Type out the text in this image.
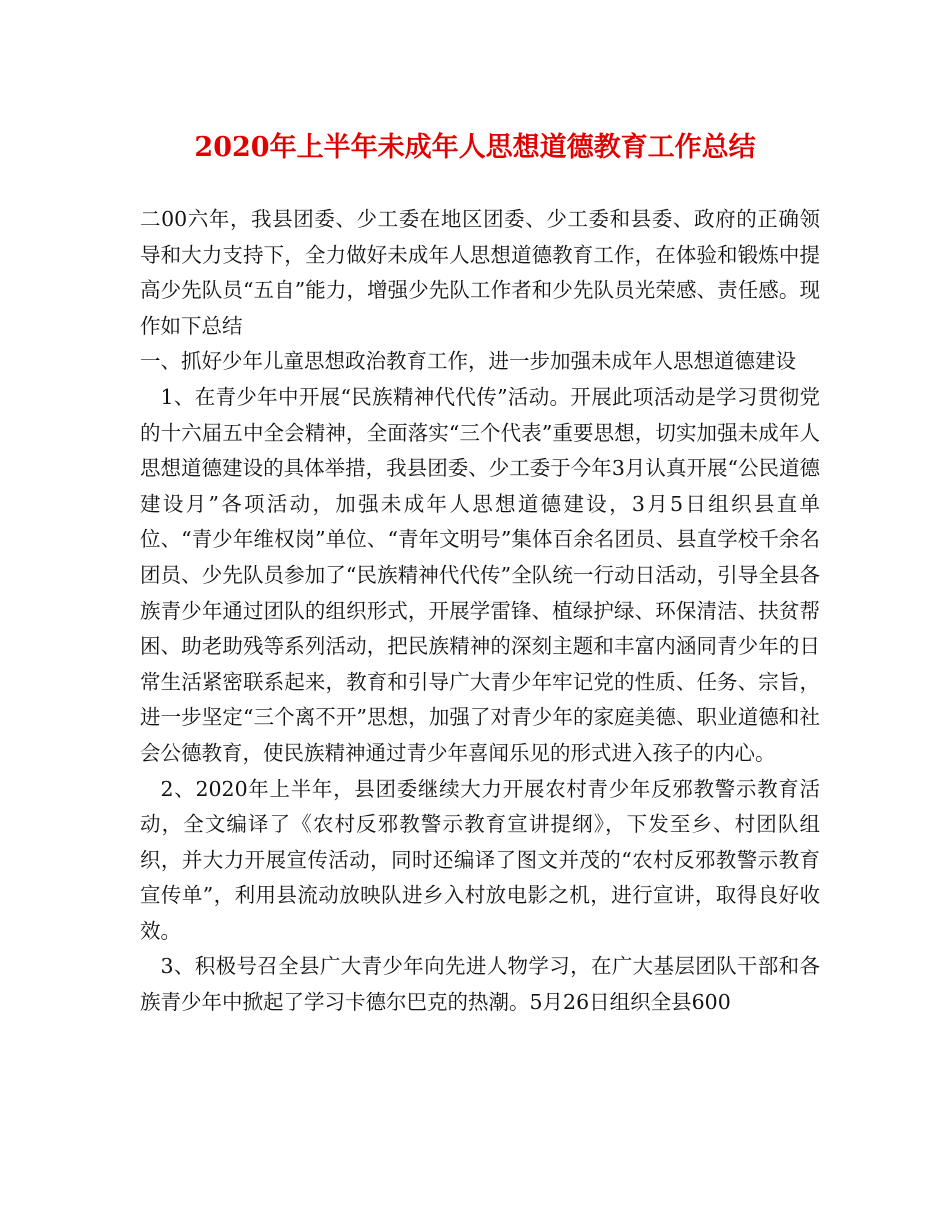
2020年上半年未成年人思想道德教育工作总结

二00六年，我县团委、少工委在地区团委、少工委和县委、政府的正确领导和大力支持下，全力做好未成年人思想道德教育工作，在体验和锻炼中提高少先队员“五自”能力，增强少先队工作者和少先队员光荣感、责任感。现作如下总结

一、抓好少年儿童思想政治教育工作，进一步加强未成年人思想道德建设

1、在青少年中开展“民族精神代代传”活动。开展此项活动是学习贯彻党的十六届五中全会精神，全面落实“三个代表”重要思想，切实加强未成年人思想道德建设的具体举措，我县团委、少工委于今年3月认真开展“公民道德建设月”各项活动，加强未成年人思想道德建设，3月5日组织县直单位、“青少年维权岗”单位、“青年文明号”集体百余名团员、县直学校千余名团员、少先队员参加了“民族精神代代传”全队统一行动日活动，引导全县各族青少年通过团队的组织形式，开展学雷锋、植绿护绿、环保清洁、扶贫帮困、助老助残等系列活动，把民族精神的深刻主题和丰富内涵同青少年的日常生活紧密联系起来，教育和引导广大青少年牢记党的性质、任务、宗旨，进一步坚定“三个离不开”思想，加强了对青少年的家庭美德、职业道德和社会公德教育，使民族精神通过青少年喜闻乐见的形式进入孩子的内心。

2、2020年上半年，县团委继续大力开展农村青少年反邪教警示教育活动，全文编译了《农村反邪教警示教育宣讲提纲》，下发至乡、村团队组织，并大力开展宣传活动，同时还编译了图文并茂的“农村反邪教警示教育宣传单”，利用县流动放映队进乡入村放电影之机，进行宣讲，取得良好收效。

3、积极号召全县广大青少年向先进人物学习，在广大基层团队干部和各族青少年中掀起了学习卡德尔巴克的热潮。5月26日组织全县600
